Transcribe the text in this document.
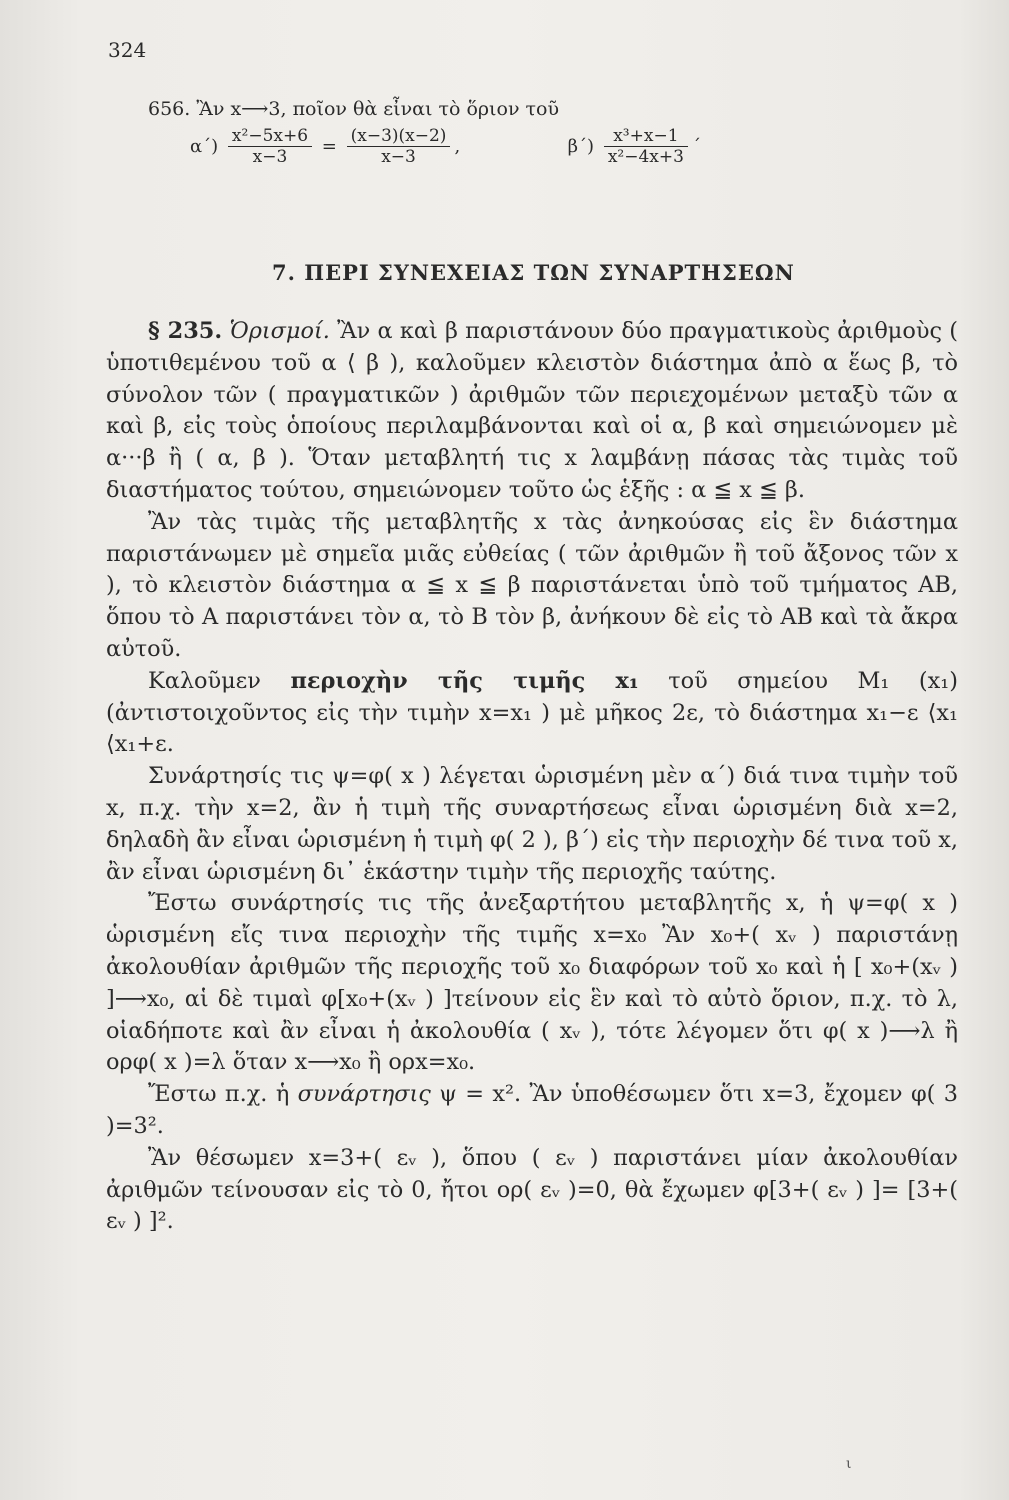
324
656. Ἂν x⟶3, ποῖον θὰ εἶναι τὸ ὅριον τοῦ
$\alpha΄) \frac{\text{x²−5x+6}}{x-3} = \frac{(x-3)(x-2)}{x-3}$ ,	$\beta΄) \frac{\text{x³+x−1}}{\text{x²−4x+3}}$ ΄
7. ΠΕΡΙ ΣΥΝΕΧΕΙΑΣ ΤΩΝ ΣΥΝΑΡΤΗΣΕΩΝ

§ 235. Ὁρισμοί. Ἂν α καὶ β παριστάνουν δύο πραγματικοὺς ἀριθμοὺς ( ὑποτιθεμένου τοῦ α ⟨ β ), καλοῦμεν κλειστὸν διάστημα ἀπὸ α ἕως β, τὸ σύνολον τῶν ( πραγματικῶν ) ἀριθμῶν τῶν περιεχομένων μεταξὺ τῶν α καὶ β, εἰς τοὺς ὁποίους περιλαμβάνονται καὶ οἱ α, β καὶ σημειώνομεν μὲ α···β ἢ ( α, β ). Ὅταν μεταβλητή τις x λαμβάνῃ πάσας τὰς τιμὰς τοῦ διαστήματος τούτου, σημειώνομεν τοῦτο ὡς ἑξῆς : α ≦ x ≦ β.

Ἂν τὰς τιμὰς τῆς μεταβλητῆς x τὰς ἀνηκούσας εἰς ἓν διάστημα παριστάνωμεν μὲ σημεῖα μιᾶς εὐθείας ( τῶν ἀριθμῶν ἢ τοῦ ἄξονος τῶν x ), τὸ κλειστὸν διάστημα α ≦ x ≦ β παριστάνεται ὑπὸ τοῦ τμήματος ΑΒ, ὅπου τὸ Α παριστάνει τὸν α, τὸ Β τὸν β, ἀνήκουν δὲ εἰς τὸ ΑΒ καὶ τὰ ἄκρα αὐτοῦ.

Καλοῦμεν περιοχὴν τῆς τιμῆς x₁ τοῦ σημείου M₁ (x₁) (ἀντιστοιχοῦντος εἰς τὴν τιμὴν x=x₁ ) μὲ μῆκος 2ε, τὸ διάστημα x₁−ε ⟨x₁ ⟨x₁+ε.

Συνάρτησίς τις ψ=φ( x ) λέγεται ὡρισμένη μὲν α΄) διά τινα τιμὴν τοῦ x, π.χ. τὴν x=2, ἂν ἡ τιμὴ τῆς συναρτήσεως εἶναι ὡρισμένη διὰ x=2, δηλαδὴ ἂν εἶναι ὡρισμένη ἡ τιμὴ φ( 2 ), β΄) εἰς τὴν περιοχὴν δέ τινα τοῦ x, ἂν εἶναι ὡρισμένη δι᾽ ἑκάστην τιμὴν τῆς περιοχῆς ταύτης.

Ἔστω συνάρτησίς τις τῆς ἀνεξαρτήτου μεταβλητῆς x, ἡ ψ=φ( x ) ὡρισμένη εἴς τινα περιοχὴν τῆς τιμῆς x=x₀ Ἂν x₀+( xᵥ ) παριστάνῃ ἀκολουθίαν ἀριθμῶν τῆς περιοχῆς τοῦ x₀ διαφόρων τοῦ x₀ καὶ ἡ [ x₀+(xᵥ ) ]⟶x₀, αἱ δὲ τιμαὶ φ[x₀+(xᵥ ) ]τείνουν εἰς ἓν καὶ τὸ αὐτὸ ὅριον, π.χ. τὸ λ, οἱαδήποτε καὶ ἂν εἶναι ἡ ἀκολουθία ( xᵥ ), τότε λέγομεν ὅτι φ( x )⟶λ ἢ ορφ( x )=λ ὅταν x⟶x₀ ἢ ορx=x₀.

Ἔστω π.χ. ἡ συνάρτησις ψ = x². Ἂν ὑποθέσωμεν ὅτι x=3, ἔχομεν φ( 3 )=3².

Ἂν θέσωμεν x=3+( εᵥ ), ὅπου ( εᵥ ) παριστάνει μίαν ἀκολουθίαν ἀριθμῶν τείνουσαν εἰς τὸ 0, ἤτοι ορ( εᵥ )=0, θὰ ἔχωμεν φ[3+( εᵥ ) ]= [3+( εᵥ ) ]².

ι
